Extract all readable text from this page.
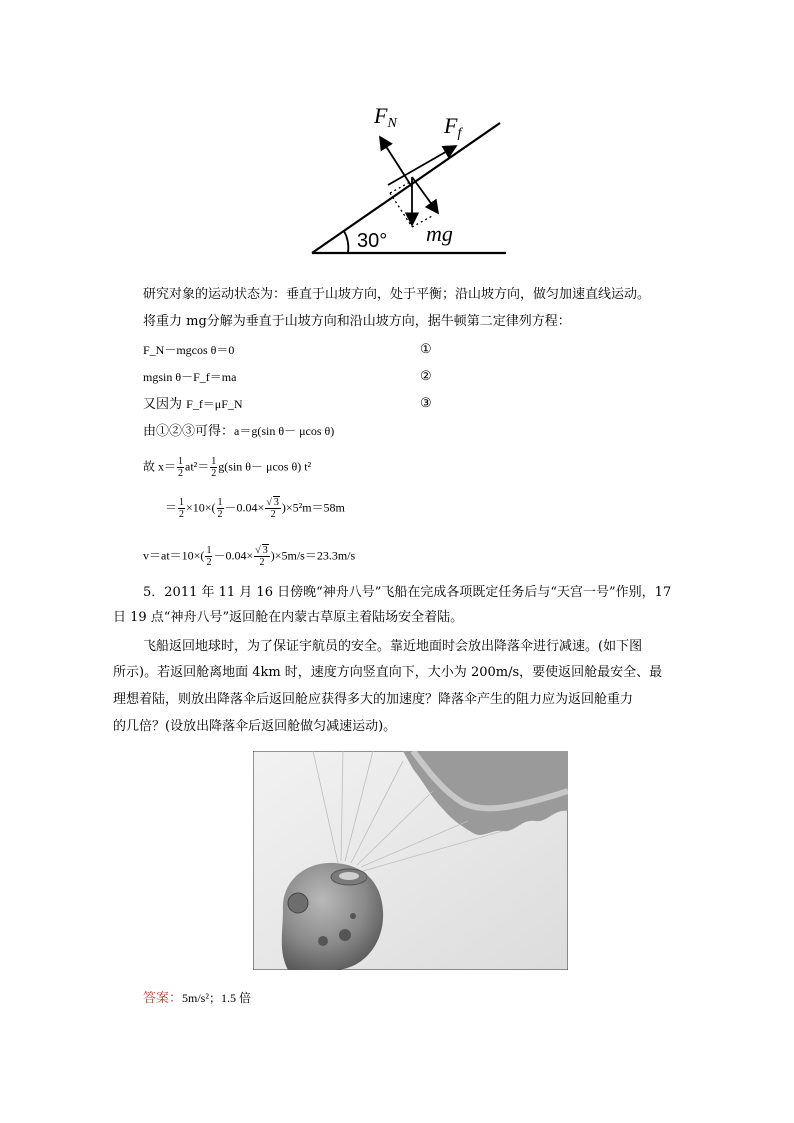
FN Ff
mg
30°
研究对象的运动状态为：垂直于山坡方向，处于平衡；沿山坡方向，做匀加速直线运动。
将重力 mg分解为垂直于山坡方向和沿山坡方向，据牛顿第二定律列方程：
F_N－mgcos θ＝0	①
mgsin θ－F_f＝ma	②
又因为 F_f＝μF_N	③
由①②③可得：a＝g(sin θ－ μcos θ)
故 $x= \frac{1}{2} at^2= \frac{1}{2} g(\sin$ θ－ μcos θ) t²
＝ $\frac{1}{2} \times 10\times( \frac{1}{2} -0.04\times \frac{√ 3}{2} )\times 5^2m=58m$
$v=at=10\times( \frac{1}{2} -0.04\times \frac{√ 3}{2} )\times 5m/s=23.3m/s$
5．2011 年 11 月 16 日傍晚“神舟八号”飞船在完成各项既定任务后与“天宫一号”作别，17
日 19 点“神舟八号”返回舱在内蒙古草原主着陆场安全着陆。
飞船返回地球时，为了保证宇航员的安全。靠近地面时会放出降落伞进行减速。(如下图
所示)。若返回舱离地面 4km 时，速度方向竖直向下，大小为 200m/s，要使返回舱最安全、最
理想着陆，则放出降落伞后返回舱应获得多大的加速度？降落伞产生的阻力应为返回舱重力
的几倍？(设放出降落伞后返回舱做匀减速运动)。
答案：5m/s²；1.5 倍
